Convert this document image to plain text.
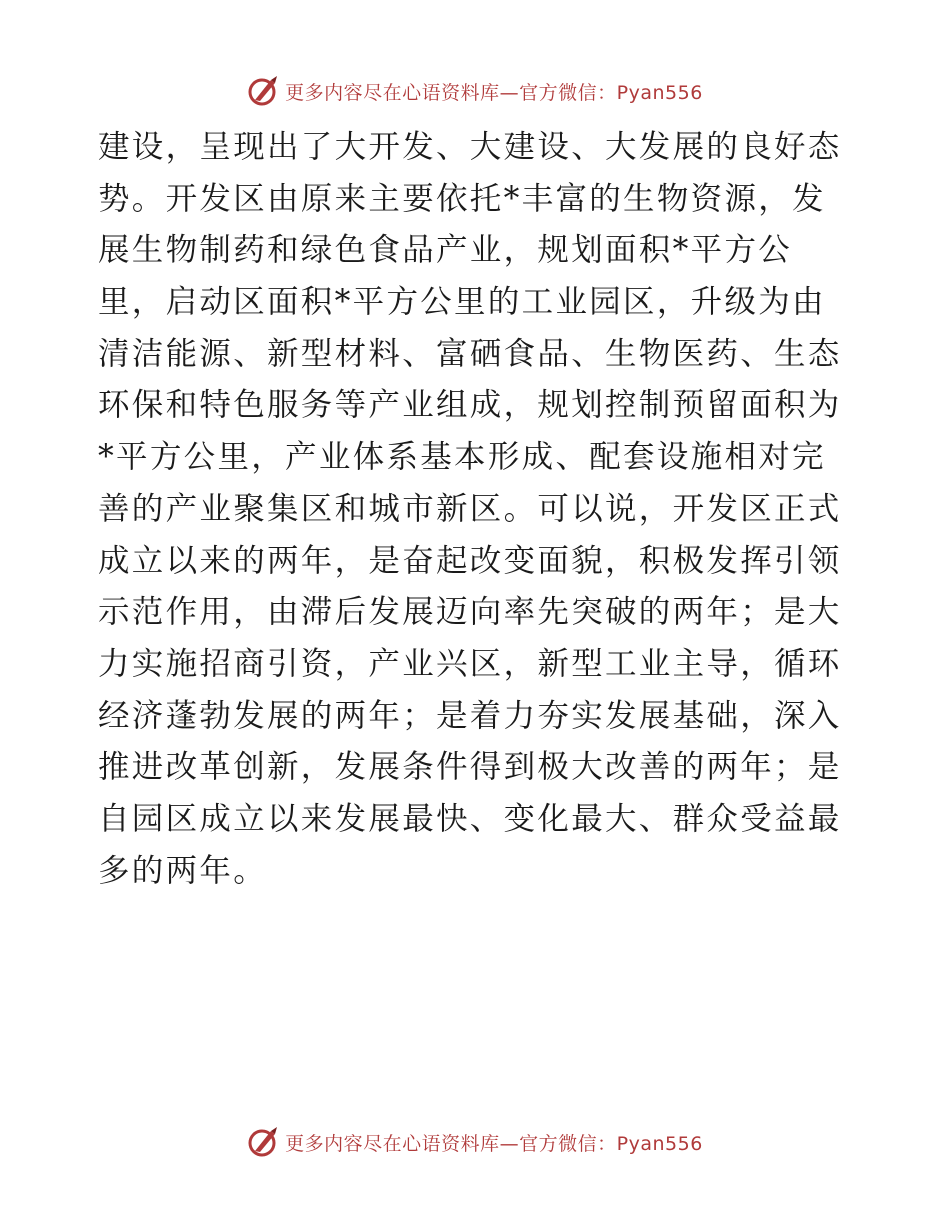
更多内容尽在心语资料库—官方微信：Pyan556
建设，呈现出了大开发、大建设、大发展的良好态
势。开发区由原来主要依托*丰富的生物资源，发
展生物制药和绿色食品产业，规划面积*平方公
里，启动区面积*平方公里的工业园区，升级为由
清洁能源、新型材料、富硒食品、生物医药、生态
环保和特色服务等产业组成，规划控制预留面积为
*平方公里，产业体系基本形成、配套设施相对完
善的产业聚集区和城市新区。可以说，开发区正式
成立以来的两年，是奋起改变面貌，积极发挥引领
示范作用，由滞后发展迈向率先突破的两年；是大
力实施招商引资，产业兴区，新型工业主导，循环
经济蓬勃发展的两年；是着力夯实发展基础，深入
推进改革创新，发展条件得到极大改善的两年；是
自园区成立以来发展最快、变化最大、群众受益最
多的两年。
更多内容尽在心语资料库—官方微信：Pyan556
